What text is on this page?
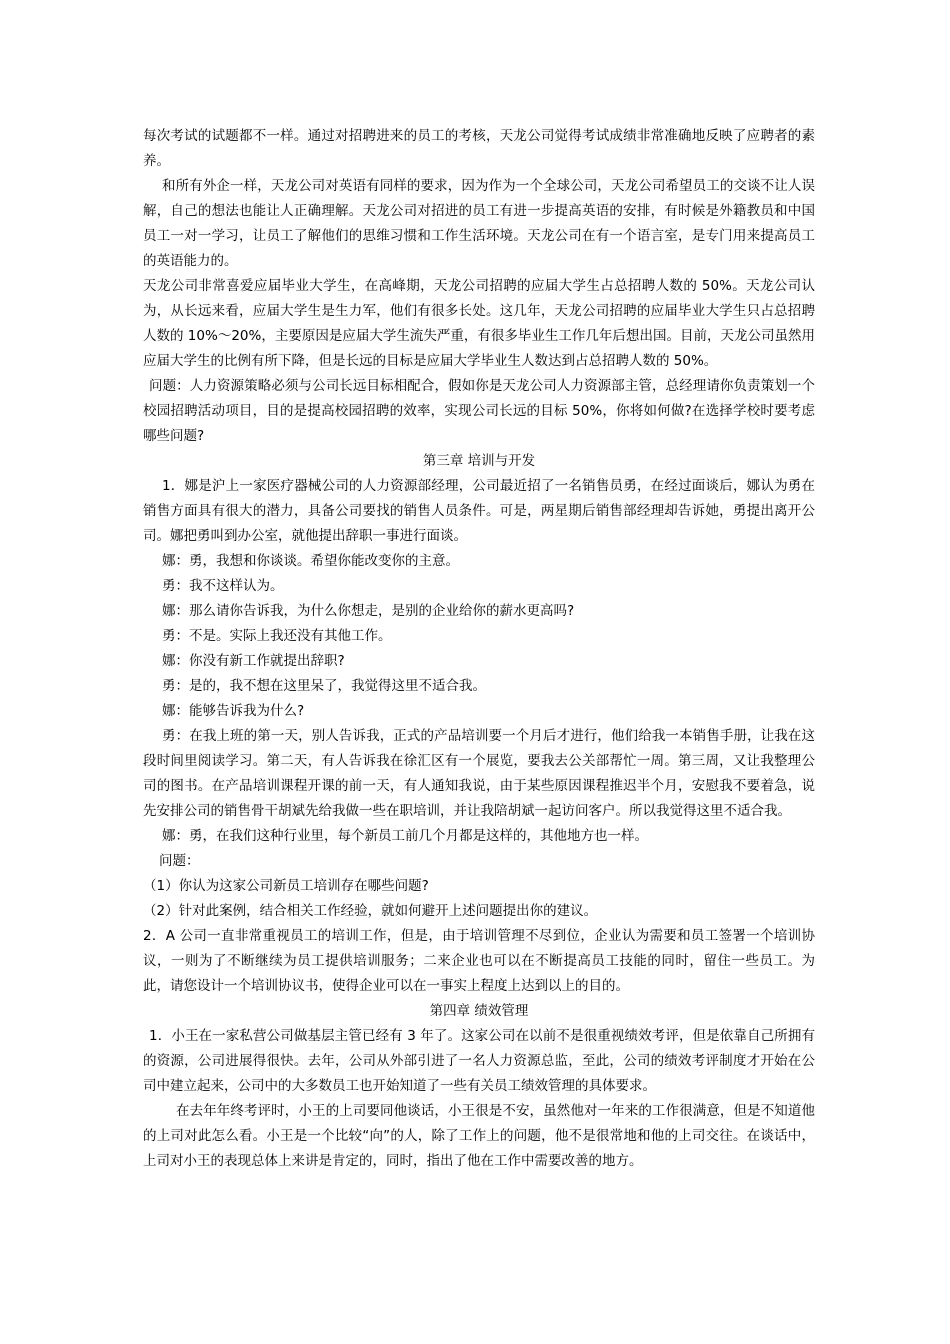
每次考试的试题都不一样。通过对招聘进来的员工的考核，天龙公司觉得考试成绩非常准确地反映了应聘者的素养。

和所有外企一样，天龙公司对英语有同样的要求，因为作为一个全球公司，天龙公司希望员工的交谈不让人误解，自己的想法也能让人正确理解。天龙公司对招进的员工有进一步提高英语的安排，有时候是外籍教员和中国员工一对一学习，让员工了解他们的思维习惯和工作生活环境。天龙公司在有一个语言室，是专门用来提高员工的英语能力的。

天龙公司非常喜爱应届毕业大学生，在高峰期，天龙公司招聘的应届大学生占总招聘人数的 50%。天龙公司认为，从长远来看，应届大学生是生力军，他们有很多长处。这几年，天龙公司招聘的应届毕业大学生只占总招聘人数的 10%～20%，主要原因是应届大学生流失严重，有很多毕业生工作几年后想出国。目前，天龙公司虽然用应届大学生的比例有所下降，但是长远的目标是应届大学毕业生人数达到占总招聘人数的 50%。

问题：人力资源策略必须与公司长远目标相配合，假如你是天龙公司人力资源部主管，总经理请你负责策划一个校园招聘活动项目，目的是提高校园招聘的效率，实现公司长远的目标 50%，你将如何做?在选择学校时要考虑哪些问题?

第三章 培训与开发

1．娜是沪上一家医疗器械公司的人力资源部经理，公司最近招了一名销售员勇，在经过面谈后，娜认为勇在销售方面具有很大的潜力，具备公司要找的销售人员条件。可是，两星期后销售部经理却告诉她，勇提出离开公司。娜把勇叫到办公室，就他提出辞职一事进行面谈。

娜：勇，我想和你谈谈。希望你能改变你的主意。

勇：我不这样认为。

娜：那么请你告诉我，为什么你想走，是别的企业给你的薪水更高吗?

勇：不是。实际上我还没有其他工作。

娜：你没有新工作就提出辞职?

勇：是的，我不想在这里呆了，我觉得这里不适合我。

娜：能够告诉我为什么?

勇：在我上班的第一天，别人告诉我，正式的产品培训要一个月后才进行，他们给我一本销售手册，让我在这段时间里阅读学习。第二天，有人告诉我在徐汇区有一个展览，要我去公关部帮忙一周。第三周，又让我整理公司的图书。在产品培训课程开课的前一天，有人通知我说，由于某些原因课程推迟半个月，安慰我不要着急，说先安排公司的销售骨干胡斌先给我做一些在职培训，并让我陪胡斌一起访问客户。所以我觉得这里不适合我。

娜：勇，在我们这种行业里，每个新员工前几个月都是这样的，其他地方也一样。

问题：

（1）你认为这家公司新员工培训存在哪些问题?

（2）针对此案例，结合相关工作经验，就如何避开上述问题提出你的建议。

2．A 公司一直非常重视员工的培训工作，但是，由于培训管理不尽到位，企业认为需要和员工签署一个培训协议，一则为了不断继续为员工提供培训服务；二来企业也可以在不断提高员工技能的同时，留住一些员工。为此，请您设计一个培训协议书，使得企业可以在一事实上程度上达到以上的目的。

第四章 绩效管理

1．小王在一家私营公司做基层主管已经有 3 年了。这家公司在以前不是很重视绩效考评，但是依靠自己所拥有的资源，公司进展得很快。去年，公司从外部引进了一名人力资源总监，至此，公司的绩效考评制度才开始在公司中建立起来，公司中的大多数员工也开始知道了一些有关员工绩效管理的具体要求。

在去年年终考评时，小王的上司要同他谈话，小王很是不安，虽然他对一年来的工作很满意，但是不知道他的上司对此怎么看。小王是一个比较“向”的人，除了工作上的问题，他不是很常地和他的上司交往。在谈话中，上司对小王的表现总体上来讲是肯定的，同时，指出了他在工作中需要改善的地方。
